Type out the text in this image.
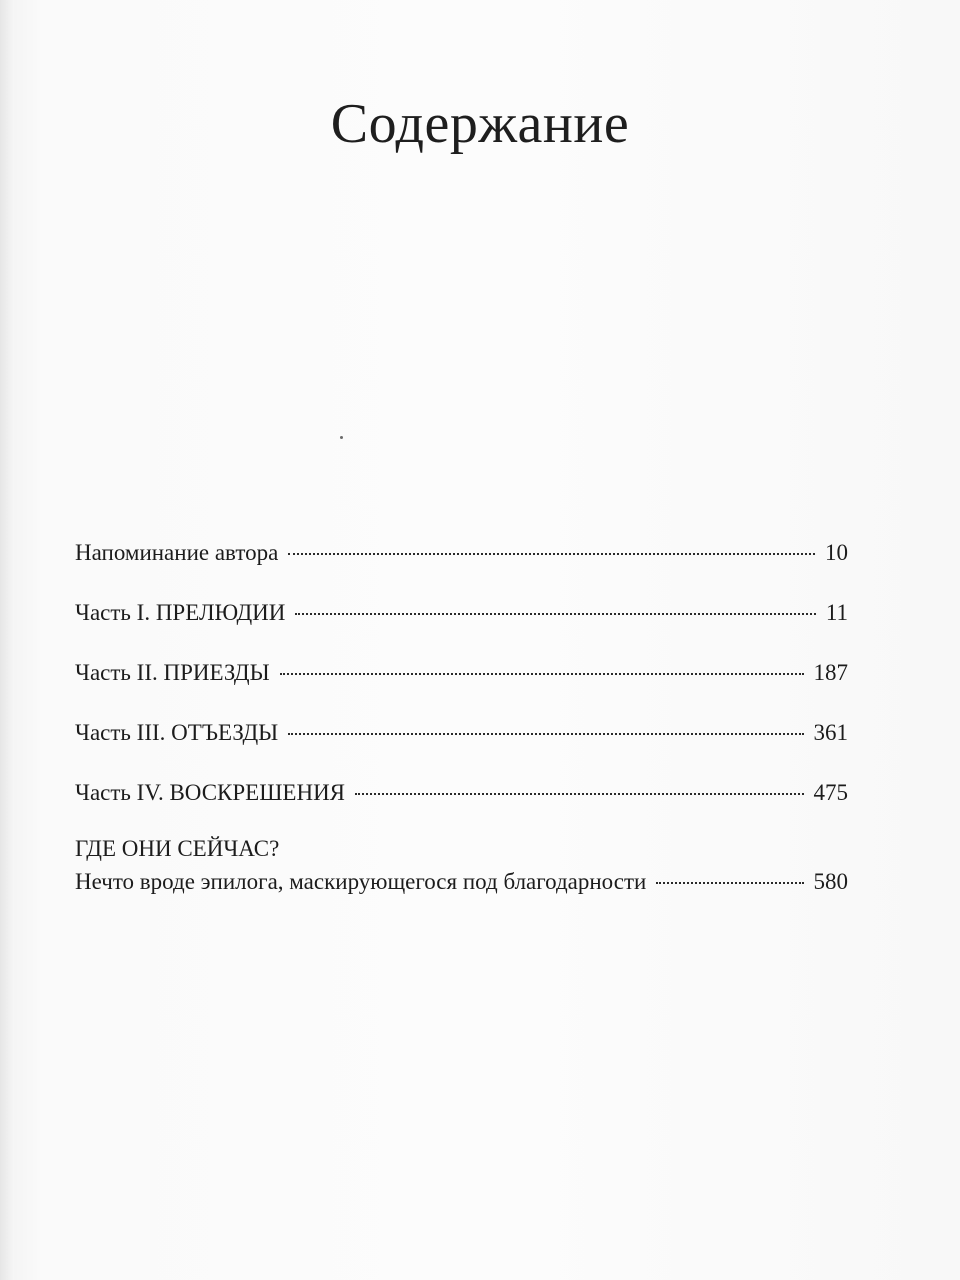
Содержание
Напоминание автора	10
Часть I. ПРЕЛЮДИИ	11
Часть II. ПРИЕЗДЫ	187
Часть III. ОТЪЕЗДЫ	361
Часть IV. ВОСКРЕШЕНИЯ	475
ГДЕ ОНИ СЕЙЧАС?
Нечто вроде эпилога, маскирующегося под благодарности	580
